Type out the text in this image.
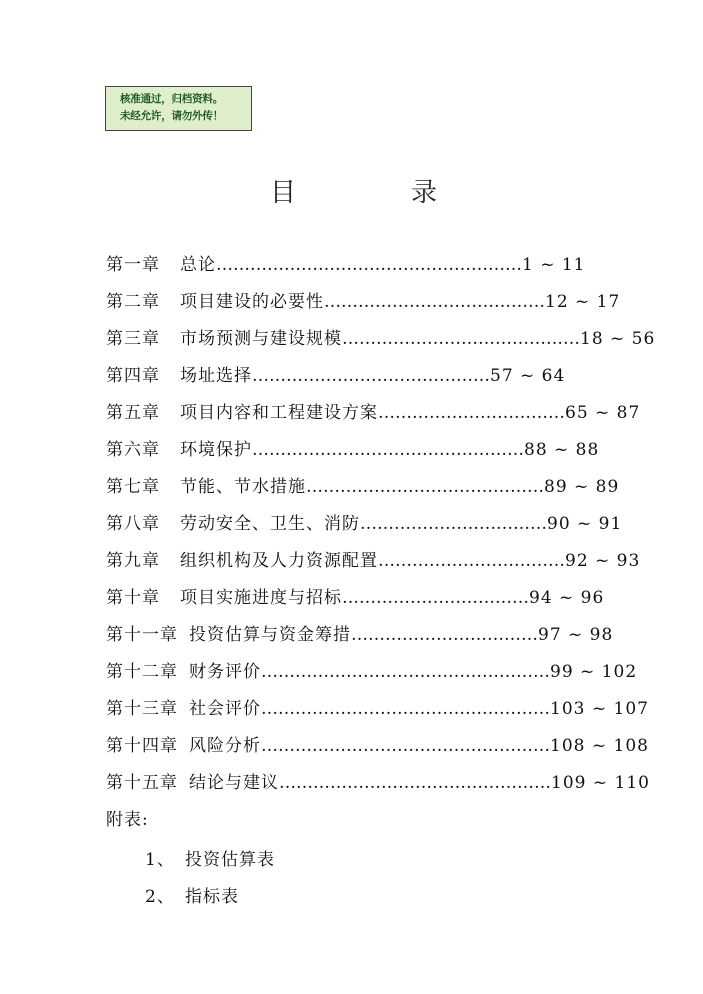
核准通过，归档资料。
未经允许，请勿外传！
目	录
第一章 总论………………………………………………1 ~ 11
第二章 项目建设的必要性…………………………………12 ~ 17
第三章 市场预测与建设规模……………………………………18 ~ 56
第四章 场址选择……………………………………57 ~ 64
第五章 项目内容和工程建设方案……………………………65 ~ 87
第六章 环境保护…………………………………………88 ~ 88
第七章 节能、节水措施……………………………………89 ~ 89
第八章 劳动安全、卫生、消防……………………………90 ~ 91
第九章 组织机构及人力资源配置……………………………92 ~ 93
第十章 项目实施进度与招标……………………………94 ~ 96
第十一章 投资估算与资金筹措……………………………97 ~ 98
第十二章 财务评价……………………………………………99 ~ 102
第十三章 社会评价……………………………………………103 ~ 107
第十四章 风险分析……………………………………………108 ~ 108
第十五章 结论与建议…………………………………………109 ~ 110
附表:
1、 投资估算表
2、 指标表
